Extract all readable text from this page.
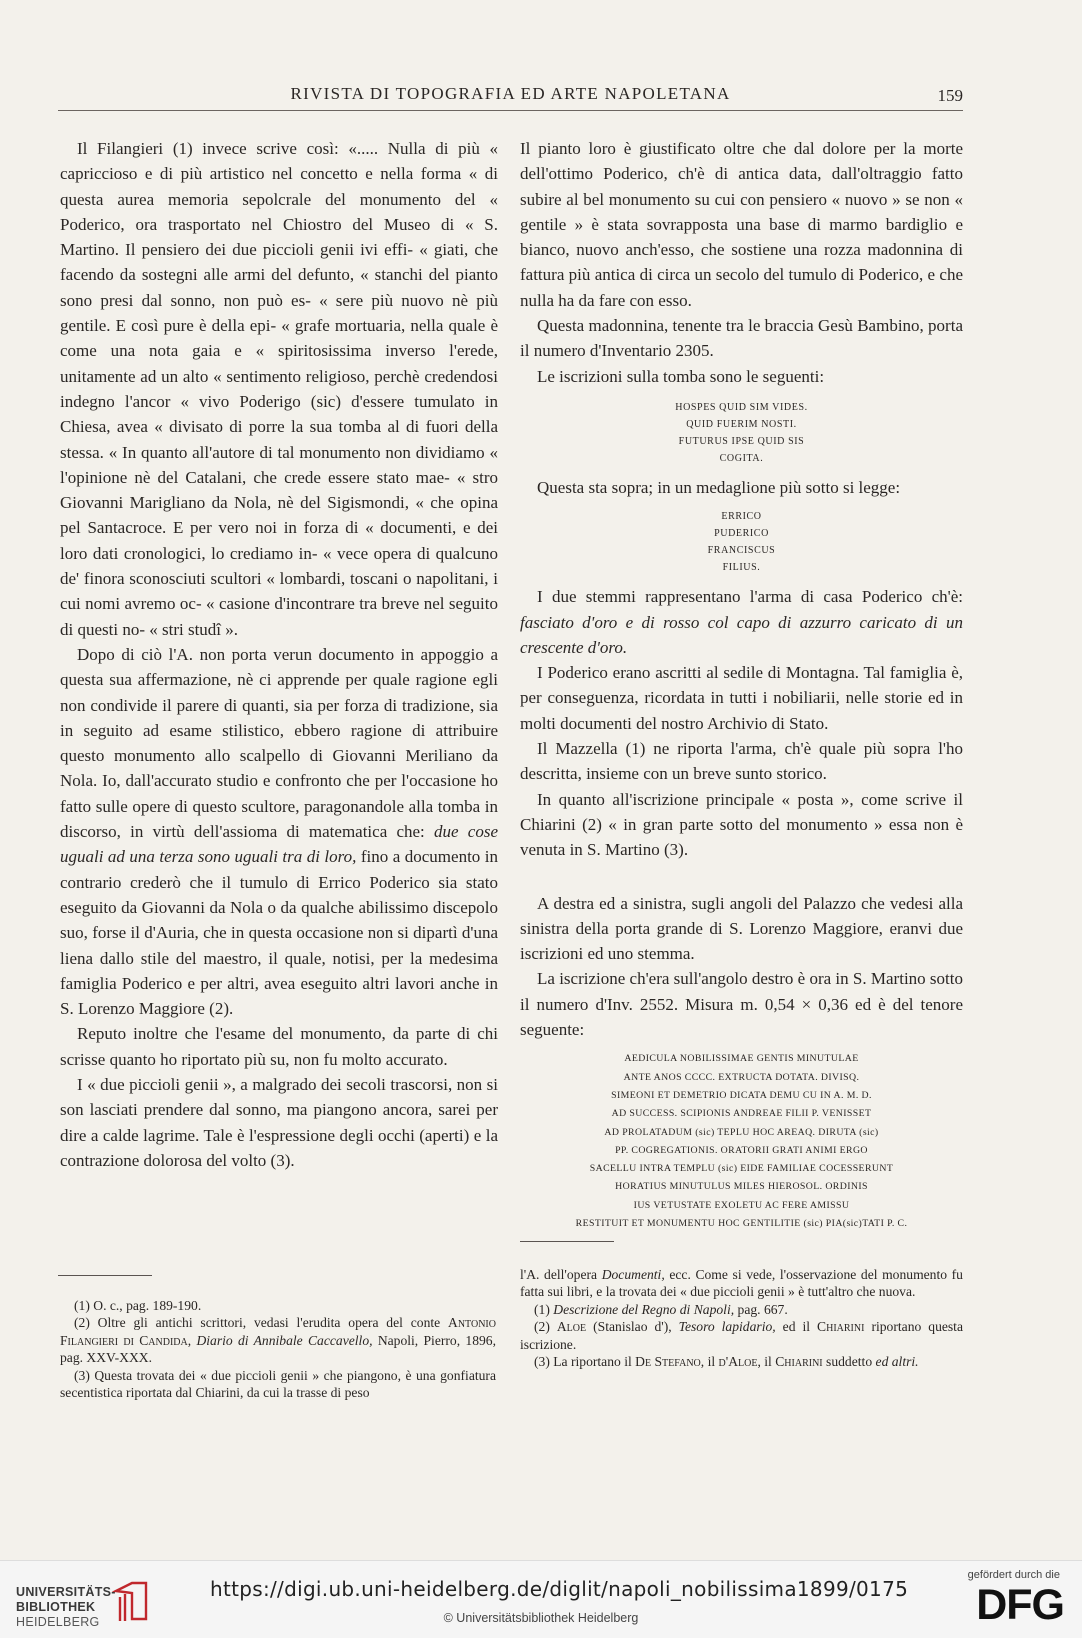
RIVISTA DI TOPOGRAFIA ED ARTE NAPOLETANA	159

Il Filangieri (1) invece scrive così: «..... Nulla di più « capriccioso e di più artistico nel concetto e nella forma « di questa aurea memoria sepolcrale del monumento del « Poderico, ora trasportato nel Chiostro del Museo di « S. Martino. Il pensiero dei due piccioli genii ivi effi- « giati, che facendo da sostegni alle armi del defunto, « stanchi del pianto sono presi dal sonno, non può es- « sere più nuovo nè più gentile. E così pure è della epi- « grafe mortuaria, nella quale è come una nota gaia e « spiritosissima inverso l'erede, unitamente ad un alto « sentimento religioso, perchè credendosi indegno l'ancor « vivo Poderigo (sic) d'essere tumulato in Chiesa, avea « divisato di porre la sua tomba al di fuori della stessa. « In quanto all'autore di tal monumento non dividiamo « l'opinione nè del Catalani, che crede essere stato mae- « stro Giovanni Marigliano da Nola, nè del Sigismondi, « che opina pel Santacroce. E per vero noi in forza di « documenti, e dei loro dati cronologici, lo crediamo in- « vece opera di qualcuno de' finora sconosciuti scultori « lombardi, toscani o napolitani, i cui nomi avremo oc- « casione d'incontrare tra breve nel seguito di questi no- « stri studî ».

Dopo di ciò l'A. non porta verun documento in appoggio a questa sua affermazione, nè ci apprende per quale ragione egli non condivide il parere di quanti, sia per forza di tradizione, sia in seguito ad esame stilistico, ebbero ragione di attribuire questo monumento allo scalpello di Giovanni Meriliano da Nola. Io, dall'accurato studio e confronto che per l'occasione ho fatto sulle opere di questo scultore, paragonandole alla tomba in discorso, in virtù dell'assioma di matematica che: due cose uguali ad una terza sono uguali tra di loro, fino a documento in contrario crederò che il tumulo di Errico Poderico sia stato eseguito da Giovanni da Nola o da qualche abilissimo discepolo suo, forse il d'Auria, che in questa occasione non si dipartì d'una liena dallo stile del maestro, il quale, notisi, per la medesima famiglia Poderico e per altri, avea eseguito altri lavori anche in S. Lorenzo Maggiore (2).

Reputo inoltre che l'esame del monumento, da parte di chi scrisse quanto ho riportato più su, non fu molto accurato.

I « due piccioli genii », a malgrado dei secoli trascorsi, non si son lasciati prendere dal sonno, ma piangono ancora, sarei per dire a calde lagrime. Tale è l'espressione degli occhi (aperti) e la contrazione dolorosa del volto (3).

Il pianto loro è giustificato oltre che dal dolore per la morte dell'ottimo Poderico, ch'è di antica data, dall'oltraggio fatto subire al bel monumento su cui con pensiero « nuovo » se non « gentile » è stata sovrapposta una base di marmo bardiglio e bianco, nuovo anch'esso, che sostiene una rozza madonnina di fattura più antica di circa un secolo del tumulo di Poderico, e che nulla ha da fare con esso.

Questa madonnina, tenente tra le braccia Gesù Bambino, porta il numero d'Inventario 2305.

Le iscrizioni sulla tomba sono le seguenti:

HOSPES QUID SIM VIDES.
QUID FUERIM NOSTI.
FUTURUS IPSE QUID SIS
COGITA.

Questa sta sopra; in un medaglione più sotto si legge:

ERRICO
PUDERICO
FRANCISCUS
FILIUS.

I due stemmi rappresentano l'arma di casa Poderico ch'è: fasciato d'oro e di rosso col capo di azzurro caricato di un crescente d'oro.

I Poderico erano ascritti al sedile di Montagna. Tal famiglia è, per conseguenza, ricordata in tutti i nobiliarii, nelle storie ed in molti documenti del nostro Archivio di Stato.

Il Mazzella (1) ne riporta l'arma, ch'è quale più sopra l'ho descritta, insieme con un breve sunto storico.

In quanto all'iscrizione principale « posta », come scrive il Chiarini (2) « in gran parte sotto del monumento » essa non è venuta in S. Martino (3).

A destra ed a sinistra, sugli angoli del Palazzo che vedesi alla sinistra della porta grande di S. Lorenzo Maggiore, eranvi due iscrizioni ed uno stemma.

La iscrizione ch'era sull'angolo destro è ora in S. Martino sotto il numero d'Inv. 2552. Misura m. 0,54 × 0,36 ed è del tenore seguente:

AEDICULA NOBILISSIMAE GENTIS MINUTULAE
ANTE ANOS CCCC. EXTRUCTA DOTATA. DIVISQ.
SIMEONI ET DEMETRIO DICATA DEMU CU IN A. M. D.
AD SUCCESS. SCIPIONIS ANDREAE FILII P. VENISSET
AD PROLATADUM (sic) TEPLU HOC AREAQ. DIRUTA (sic)
PP. COGREGATIONIS. ORATORII GRATI ANIMI ERGO
SACELLU INTRA TEMPLU (sic) EIDE FAMILIAE COCESSERUNT
HORATIUS MINUTULUS MILES HIEROSOL. ORDINIS
IUS VETUSTATE EXOLETU AC FERE AMISSU
RESTITUIT ET MONUMENTU HOC GENTILITIE (sic) PIA(sic)TATI P. C.

(1) O. c., pag. 189-190.

(2) Oltre gli antichi scrittori, vedasi l'erudita opera del conte Antonio Filangieri di Candida, Diario di Annibale Caccavello, Napoli, Pierro, 1896, pag. XXV-XXX.

(3) Questa trovata dei « due piccioli genii » che piangono, è una gonfiatura secentistica riportata dal Chiarini, da cui la trasse di peso

l'A. dell'opera Documenti, ecc. Come si vede, l'osservazione del monumento fu fatta sui libri, e la trovata dei « due piccioli genii » è tutt'altro che nuova.

(1) Descrizione del Regno di Napoli, pag. 667.

(2) Aloe (Stanislao d'), Tesoro lapidario, ed il Chiarini riportano questa iscrizione.

(3) La riportano il De Stefano, il d'Aloe, il Chiarini suddetto ed altri.

UNIVERSITÄTS-
BIBLIOTHEK
HEIDELBERG
https://digi.ub.uni-heidelberg.de/diglit/napoli_nobilissima1899/0175
© Universitätsbibliothek Heidelberg
gefördert durch die
DFG
